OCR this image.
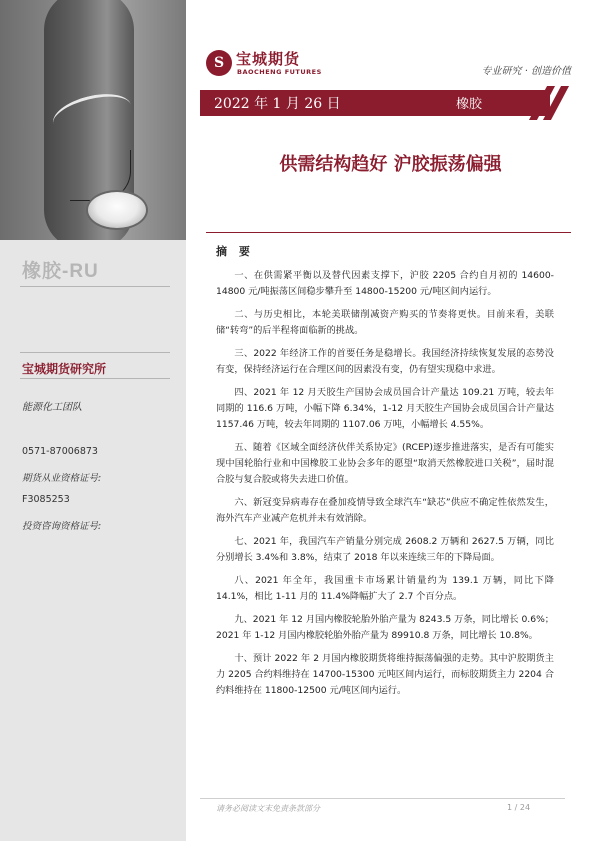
橡胶-RU
宝城期货研究所
能源化工团队
0571-87006873
期货从业资格证号:
F3085253
投资咨询资格证号:
S 宝城期货
BAOCHENG FUTURES	专业研究 · 创造价值
2022 年 1 月 26 日	橡胶
供需结构趋好 沪胶振荡偏强
摘 要

一、在供需紧平衡以及替代因素支撑下，沪胶 2205 合约自月初的 14600-14800 元/吨振荡区间稳步攀升至 14800-15200 元/吨区间内运行。

二、与历史相比，本轮美联储削减资产购买的节奏将更快。目前来看，美联储“转弯”的后半程将面临新的挑战。

三、2022 年经济工作的首要任务是稳增长。我国经济持续恢复发展的态势没有变，保持经济运行在合理区间的因素没有变，仍有望实现稳中求进。

四、2021 年 12 月天胶生产国协会成员国合计产量达 109.21 万吨，较去年同期的 116.6 万吨，小幅下降 6.34%，1-12 月天胶生产国协会成员国合计产量达 1157.46 万吨，较去年同期的 1107.06 万吨，小幅增长 4.55%。

五、随着《区域全面经济伙伴关系协定》(RCEP)逐步推进落实，是否有可能实现中国轮胎行业和中国橡胶工业协会多年的愿望“取消天然橡胶进口关税”，届时混合胶与复合胶或将失去进口价值。

六、新冠变异病毒存在叠加疫情导致全球汽车“缺芯”供应不确定性依然发生，海外汽车产业减产危机并未有效消除。

七、2021 年，我国汽车产销量分别完成 2608.2 万辆和 2627.5 万辆，同比分别增长 3.4%和 3.8%，结束了 2018 年以来连续三年的下降局面。

八、2021 年全年，我国重卡市场累计销量约为 139.1 万辆，同比下降 14.1%，相比 1-11 月的 11.4%降幅扩大了 2.7 个百分点。

九、2021 年 12 月国内橡胶轮胎外胎产量为 8243.5 万条，同比增长 0.6%；2021 年 1-12 月国内橡胶轮胎外胎产量为 89910.8 万条，同比增长 10.8%。

十、预计 2022 年 2 月国内橡胶期货将维持振荡偏强的走势。其中沪胶期货主力 2205 合约料维持在 14700-15300 元吨区间内运行，而标胶期货主力 2204 合约料维持在 11800-12500 元/吨区间内运行。

请务必阅读文末免责条款部分	1 / 24
